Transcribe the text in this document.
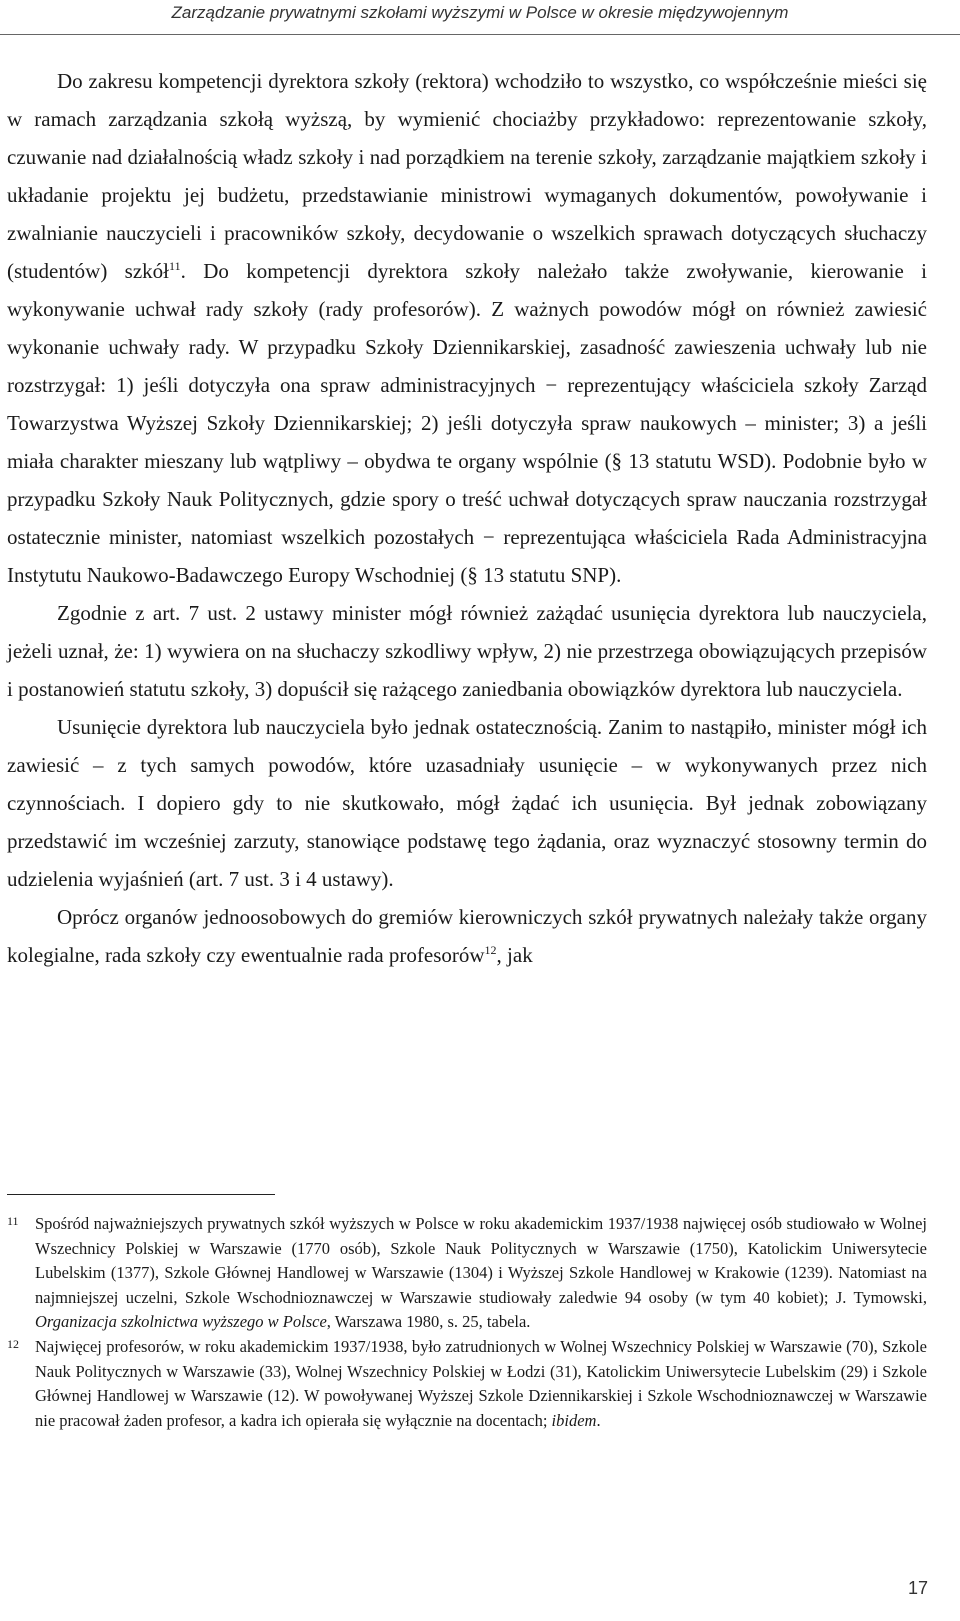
Zarządzanie prywatnymi szkołami wyższymi w Polsce w okresie międzywojennym

Do zakresu kompetencji dyrektora szkoły (rektora) wchodziło to wszystko, co współcześnie mieści się w ramach zarządzania szkołą wyższą, by wymienić chociażby przykładowo: reprezentowanie szkoły, czuwanie nad działalnością władz szkoły i nad porządkiem na terenie szkoły, zarządzanie majątkiem szkoły i układanie projektu jej budżetu, przedstawianie ministrowi wymaganych dokumentów, powoływanie i zwalnianie nauczycieli i pracowników szkoły, decydowanie o wszelkich sprawach dotyczących słuchaczy (studentów) szkół$^{11}$. Do kompetencji dyrektora szkoły należało także zwoływanie, kierowanie i wykonywanie uchwał rady szkoły (rady profesorów). Z ważnych powodów mógł on również zawiesić wykonanie uchwały rady. W przypadku Szkoły Dziennikarskiej, zasadność zawieszenia uchwały lub nie rozstrzygał: 1) jeśli dotyczyła ona spraw administracyjnych − reprezentujący właściciela szkoły Zarząd Towarzystwa Wyższej Szkoły Dziennikarskiej; 2) jeśli dotyczyła spraw naukowych – minister; 3) a jeśli miała charakter mieszany lub wątpliwy – obydwa te organy wspólnie (§ 13 statutu WSD). Podobnie było w przypadku Szkoły Nauk Politycznych, gdzie spory o treść uchwał dotyczących spraw nauczania rozstrzygał ostatecznie minister, natomiast wszelkich pozostałych − reprezentująca właściciela Rada Administracyjna Instytutu Naukowo-Badawczego Europy Wschodniej (§ 13 statutu SNP).

Zgodnie z art. 7 ust. 2 ustawy minister mógł również zażądać usunięcia dyrektora lub nauczyciela, jeżeli uznał, że: 1) wywiera on na słuchaczy szkodliwy wpływ, 2) nie przestrzega obowiązujących przepisów i postanowień statutu szkoły, 3) dopuścił się rażącego zaniedbania obowiązków dyrektora lub nauczyciela.

Usunięcie dyrektora lub nauczyciela było jednak ostatecznością. Zanim to nastąpiło, minister mógł ich zawiesić – z tych samych powodów, które uzasadniały usunięcie – w wykonywanych przez nich czynnościach. I dopiero gdy to nie skutkowało, mógł żądać ich usunięcia. Był jednak zobowiązany przedstawić im wcześniej zarzuty, stanowiące podstawę tego żądania, oraz wyznaczyć stosowny termin do udzielenia wyjaśnień (art. 7 ust. 3 i 4 ustawy).

Oprócz organów jednoosobowych do gremiów kierowniczych szkół prywatnych należały także organy kolegialne, rada szkoły czy ewentualnie rada profesorów$^{12}$, jak

11 Spośród najważniejszych prywatnych szkół wyższych w Polsce w roku akademickim 1937/1938 najwięcej osób studiowało w Wolnej Wszechnicy Polskiej w Warszawie (1770 osób), Szkole Nauk Politycznych w Warszawie (1750), Katolickim Uniwersytecie Lubelskim (1377), Szkole Głównej Handlowej w Warszawie (1304) i Wyższej Szkole Handlowej w Krakowie (1239). Natomiast na najmniejszej uczelni, Szkole Wschodnioznawczej w Warszawie studiowały zaledwie 94 osoby (w tym 40 kobiet); J. Tymowski, Organizacja szkolnictwa wyższego w Polsce, Warszawa 1980, s. 25, tabela.

12 Najwięcej profesorów, w roku akademickim 1937/1938, było zatrudnionych w Wolnej Wszechnicy Polskiej w Warszawie (70), Szkole Nauk Politycznych w Warszawie (33), Wolnej Wszechnicy Polskiej w Łodzi (31), Katolickim Uniwersytecie Lubelskim (29) i Szkole Głównej Handlowej w Warszawie (12). W powoływanej Wyższej Szkole Dziennikarskiej i Szkole Wschodnioznawczej w Warszawie nie pracował żaden profesor, a kadra ich opierała się wyłącznie na docentach; ibidem.

17
